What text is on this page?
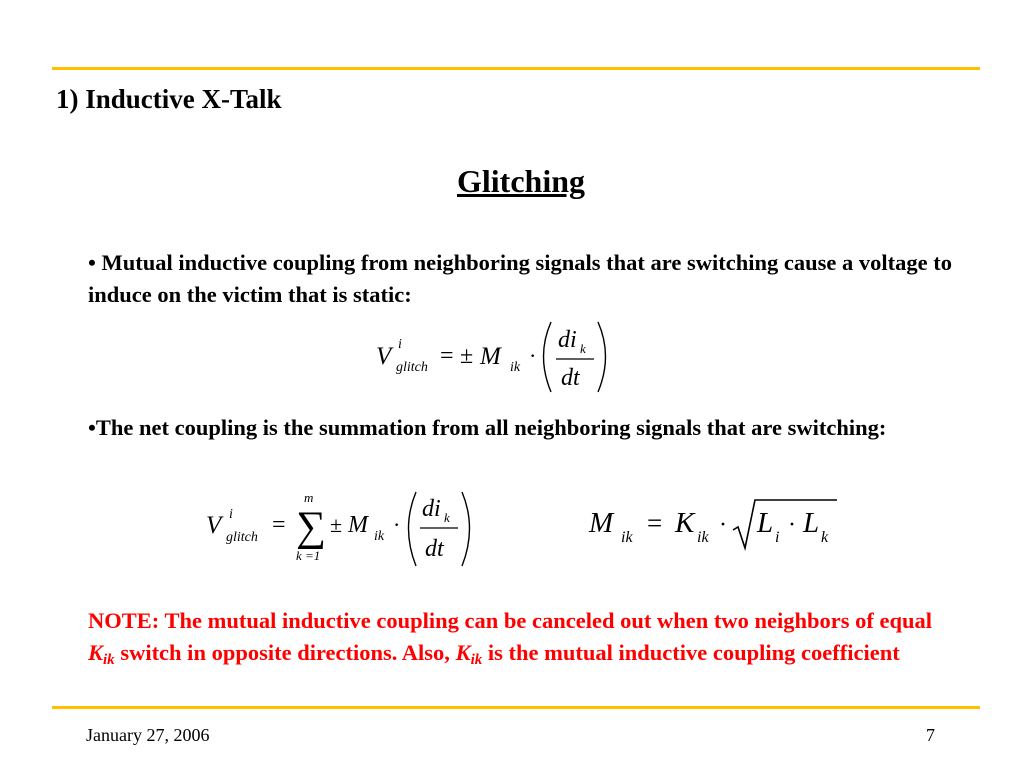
1) Inductive X-Talk
Glitching
• Mutual inductive coupling from neighboring signals that are switching cause a voltage to induce on the victim that is static:
V i
glitch = ± M ik ·
di k
dt
•The net coupling is the summation from all neighboring signals that are switching:
V i
glitch =
m
∑
k =1
± M ik ·
di k
dt
M ik = K ik · L i · L k
NOTE: The mutual inductive coupling can be canceled out when two neighbors of equal $K_{ik}$ switch in opposite directions. Also, $K_{ik}$ is the mutual inductive coupling coefficient
January 27, 2006	7
